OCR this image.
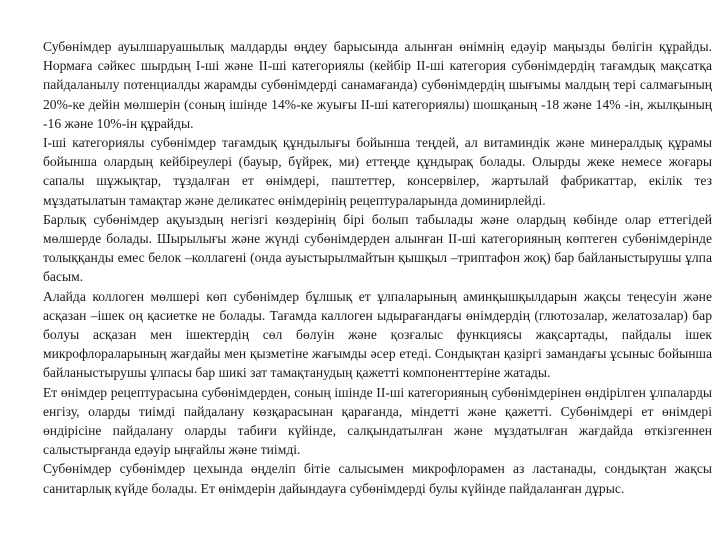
Субөнімдер ауылшаруашылық малдарды өңдеу барысында алынған өнімнің едәуір маңызды бөлігін құрайды. Нормаға сәйкес шырдың I-ші және II-ші категориялы (кейбір II-ші категория субөнімдердің тағамдық мақсатқа пайдаланылу потенциалды жарамды субөнімдерді санамағанда) субөнімдердің шығымы малдың тері салмағының 20%-ке дейін мөлшерін (соның ішінде 14%-ке жуығы II-ші категориялы) шошқаның -18 және 14% -ін, жылқының -16 және 10%-ін құрайды.

I-ші категориялы субөнімдер тағамдық құндылығы бойынша теңдей, ал витаминдік және минералдық құрамы бойынша олардың кейбіреулері (бауыр, бүйрек, ми) еттеңде құндырақ болады. Олырды жеке немесе жоғары сапалы шұжықтар, тұздалған ет өнімдері, паштеттер, консервілер, жартылай фабрикаттар, екілік тез мұздатылатын тамақтар және деликатес өнімдерінің рецептураларында доминирлейді.

Барлық субөнімдер ақуыздың негізгі көздерінің бірі болып табылады және олардың көбінде олар еттегідей мөлшерде болады. Шырылығы және жүнді субөнімдерден алынған II-ші категорияның көптеген субөнімдерінде толыққанды емес белок –коллагені (онда ауыстырылмайтын қышқыл –триптафон жоқ) бар байланыстырушы ұлпа басым.

Алайда коллоген мөлшері көп субөнімдер бұлшық ет ұлпаларының аминқышқылдарын жақсы теңесуін және асқазан –ішек оң қасиетке не болады. Тағамда каллоген ыдырағандағы өнімдердің (глютозалар, желатозалар) бар болуы асқазан мен ішектердің сөл бөлуін және қозғалыс функциясы жақсартады, пайдалы ішек микрофлораларының жағдайы мен қызметіне жағымды әсер етеді. Сондықтан қазіргі замандағы ұсыныс бойынша байланыстырушы ұлпасы бар шикі зат тамақтанудың қажетті компоненттеріне жатады.

Ет өнімдер рецептурасына субөнімдерден, соның ішінде II-ші категорияның субөнімдерінен өндірілген ұлпаларды енгізу, оларды тиімді пайдалану көзқарасынан қарағанда, міндетті және қажетті. Субөнімдері ет өнімдері өндірісіне пайдалану оларды табиғи күйінде, салқындатылған және мұздатылған жағдайда өткізгеннен салыстырғанда едәуір ыңғайлы және тиімді.

Субөнімдер субөнімдер цехында өңделіп бітіе салысымен микрофлорамен аз ластанады, сондықтан жақсы санитарлық күйде болады. Ет өнімдерін дайындауға субөнімдерді булы күйінде пайдаланған дұрыс.
